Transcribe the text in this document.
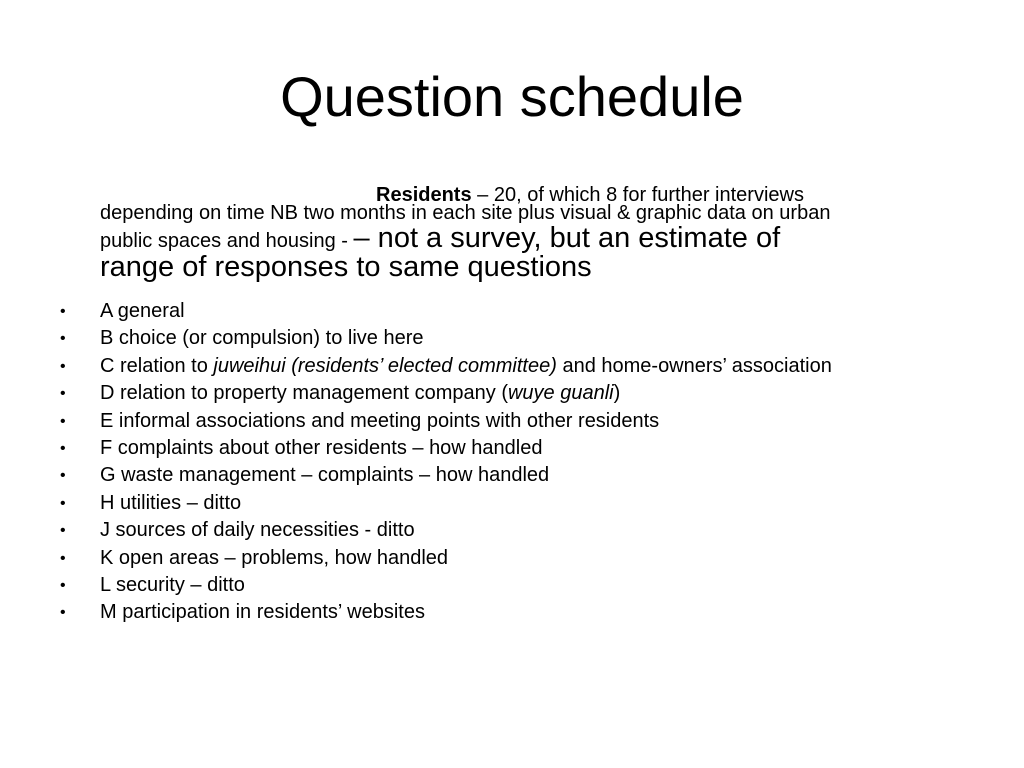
Question schedule
Residents – 20, of which 8 for further interviews
depending on time NB two months in each site plus visual & graphic data on urban
public spaces and housing - – not a survey, but an estimate of
range of responses to same questions
• A general
• B choice (or compulsion) to live here
• C relation to juweihui (residents’ elected committee) and home-owners’ association
• D relation to property management company (wuye guanli)
• E informal associations and meeting points with other residents
• F complaints about other residents – how handled
• G waste management – complaints – how handled
• H utilities – ditto
• J sources of daily necessities - ditto
• K open areas – problems, how handled
• L security – ditto
• M participation in residents’ websites
